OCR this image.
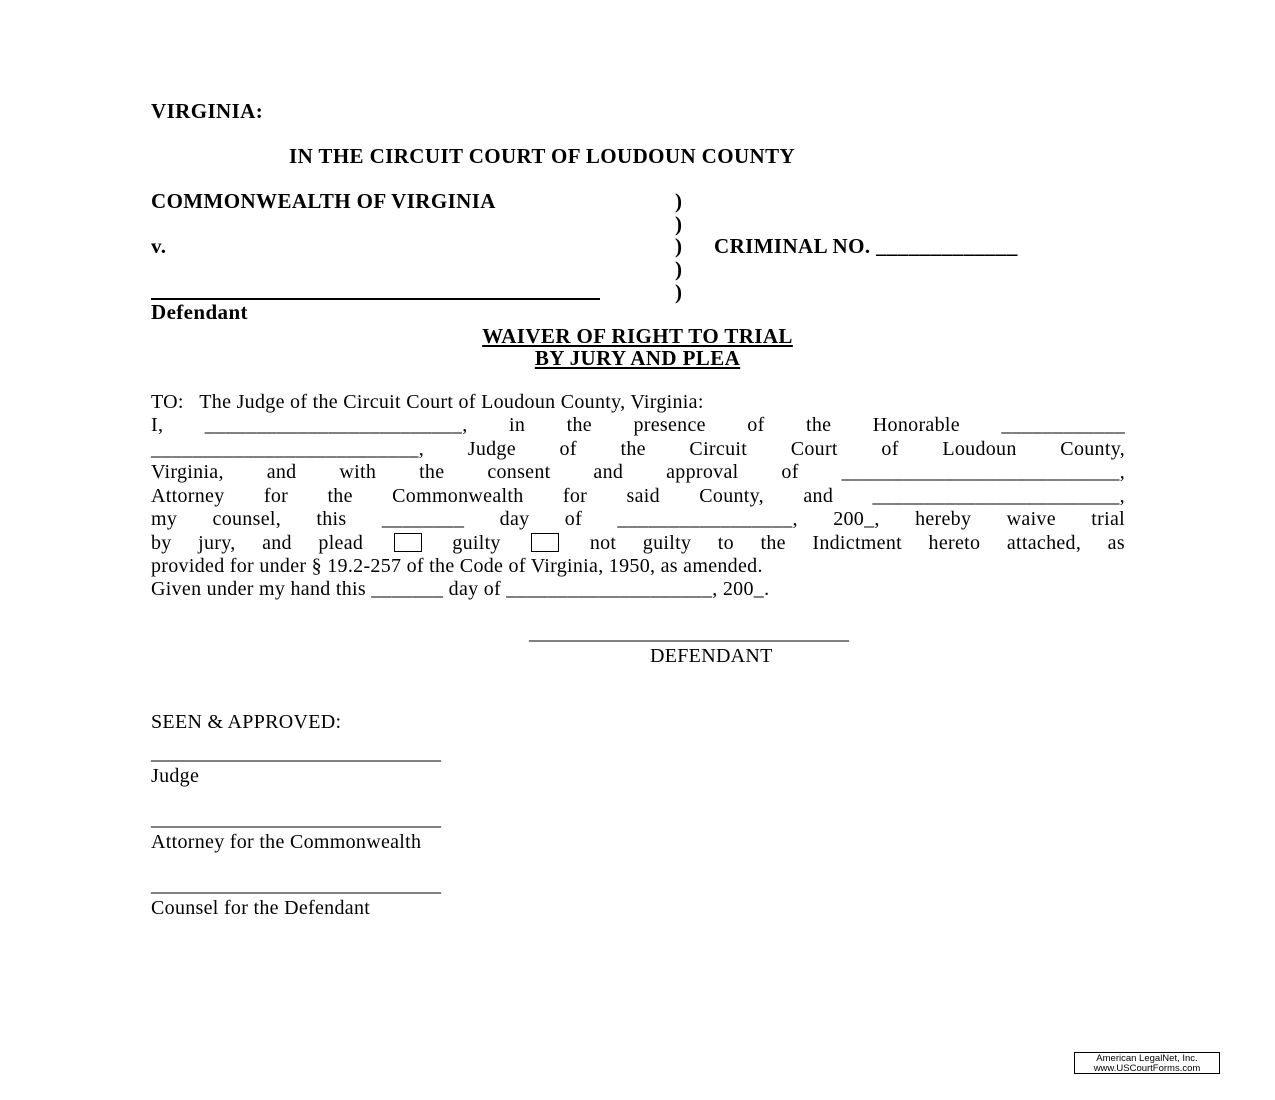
VIRGINIA:
IN THE CIRCUIT COURT OF LOUDOUN COUNTY
COMMONWEALTH OF VIRGINIA
v.
Defendant
)
)
)
)
)
CRIMINAL NO. _____________
WAIVER OF RIGHT TO TRIAL
BY JURY AND PLEA
TO:   The Judge of the Circuit Court of Loudoun County, Virginia:
I, _________________________, in the presence of the Honorable ____________
__________________________, Judge of the Circuit Court of Loudoun County,
Virginia, and with the consent and approval of ___________________________,
Attorney for the Commonwealth for said County, and ________________________,
my counsel, this ________ day of _________________, 200_, hereby waive trial
by jury, and plead	guilty	not guilty to the Indictment hereto attached, as
provided for under § 19.2-257 of the Code of Virginia, 1950, as amended.
Given under my hand this _______ day of ____________________, 200_.
________________________________
DEFENDANT
SEEN & APPROVED:
_____________________________
Judge
_____________________________
Attorney for the Commonwealth
_____________________________
Counsel for the Defendant
American LegalNet, Inc.
www.USCourtForms.com
